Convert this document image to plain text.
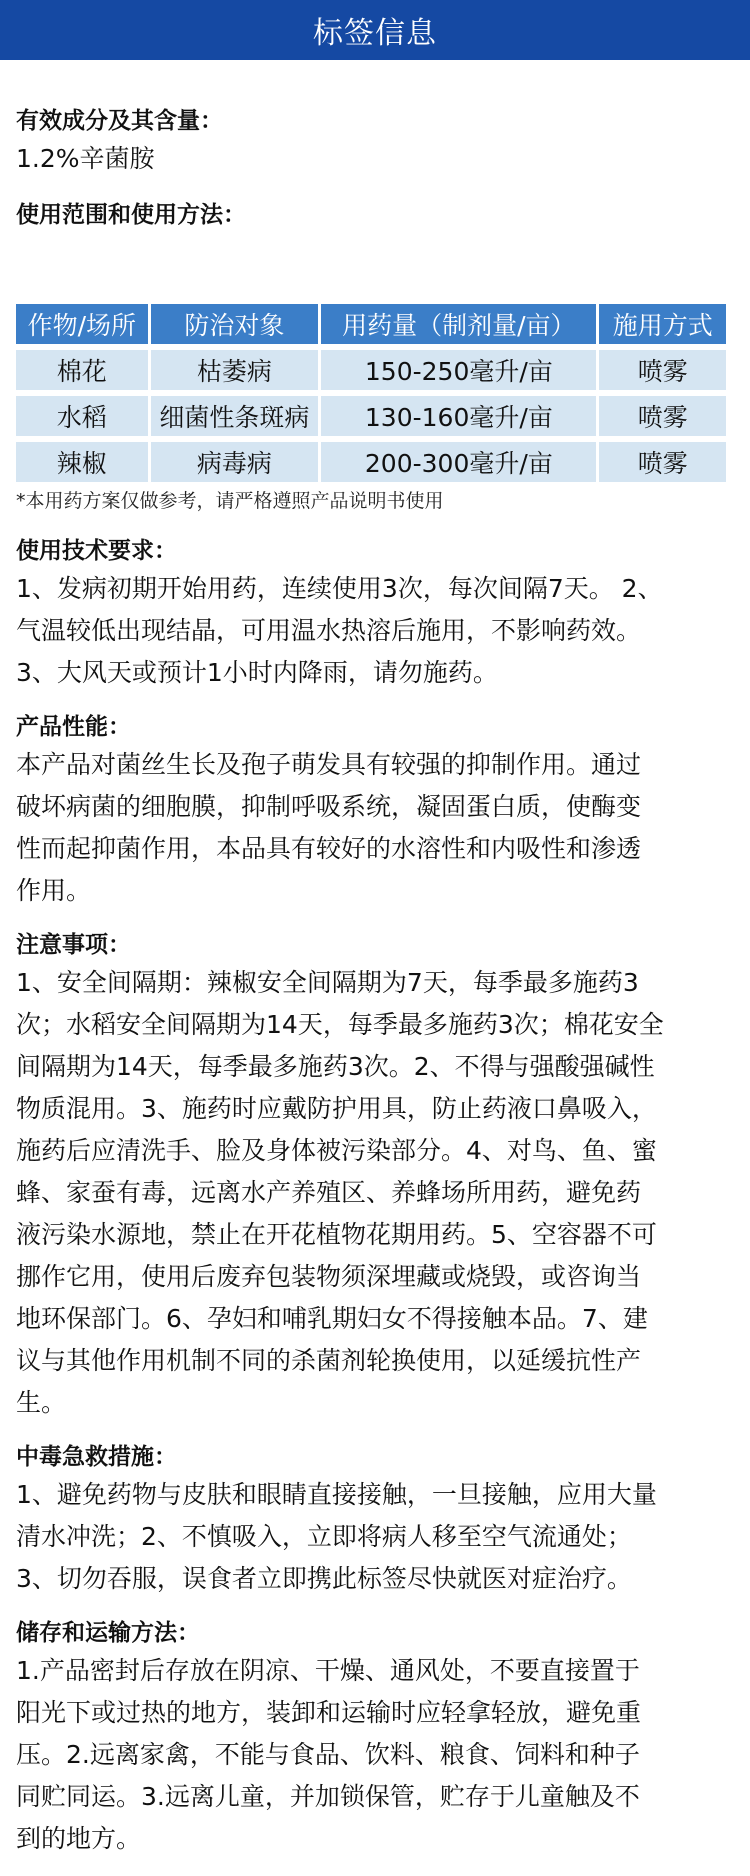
标签信息
有效成分及其含量：
1.2%辛菌胺
使用范围和使用方法：
作物/场所	防治对象	用药量（制剂量/亩）	施用方式
棉花	枯萎病	150-250毫升/亩	喷雾
水稻	细菌性条斑病	130-160毫升/亩	喷雾
辣椒	病毒病	200-300毫升/亩	喷雾
*本用药方案仅做参考，请严格遵照产品说明书使用
使用技术要求：
1、发病初期开始用药，连续使用3次，每次间隔7天。 2、
气温较低出现结晶，可用温水热溶后施用，不影响药效。
3、大风天或预计1小时内降雨，请勿施药。
产品性能：
本产品对菌丝生长及孢子萌发具有较强的抑制作用。通过
破坏病菌的细胞膜，抑制呼吸系统，凝固蛋白质，使酶变
性而起抑菌作用，本品具有较好的水溶性和内吸性和渗透
作用。
注意事项：
1、安全间隔期：辣椒安全间隔期为7天，每季最多施药3
次；水稻安全间隔期为14天，每季最多施药3次；棉花安全
间隔期为14天，每季最多施药3次。2、不得与强酸强碱性
物质混用。3、施药时应戴防护用具，防止药液口鼻吸入，
施药后应清洗手、脸及身体被污染部分。4、对鸟、鱼、蜜
蜂、家蚕有毒，远离水产养殖区、养蜂场所用药，避免药
液污染水源地，禁止在开花植物花期用药。5、空容器不可
挪作它用，使用后废弃包装物须深埋藏或烧毁，或咨询当
地环保部门。6、孕妇和哺乳期妇女不得接触本品。7、建
议与其他作用机制不同的杀菌剂轮换使用，以延缓抗性产
生。
中毒急救措施：
1、避免药物与皮肤和眼睛直接接触，一旦接触，应用大量
清水冲洗；2、不慎吸入，立即将病人移至空气流通处；
3、切勿吞服，误食者立即携此标签尽快就医对症治疗。
储存和运输方法：
1.产品密封后存放在阴凉、干燥、通风处，不要直接置于
阳光下或过热的地方，装卸和运输时应轻拿轻放，避免重
压。2.远离家禽，不能与食品、饮料、粮食、饲料和种子
同贮同运。3.远离儿童，并加锁保管，贮存于儿童触及不
到的地方。
